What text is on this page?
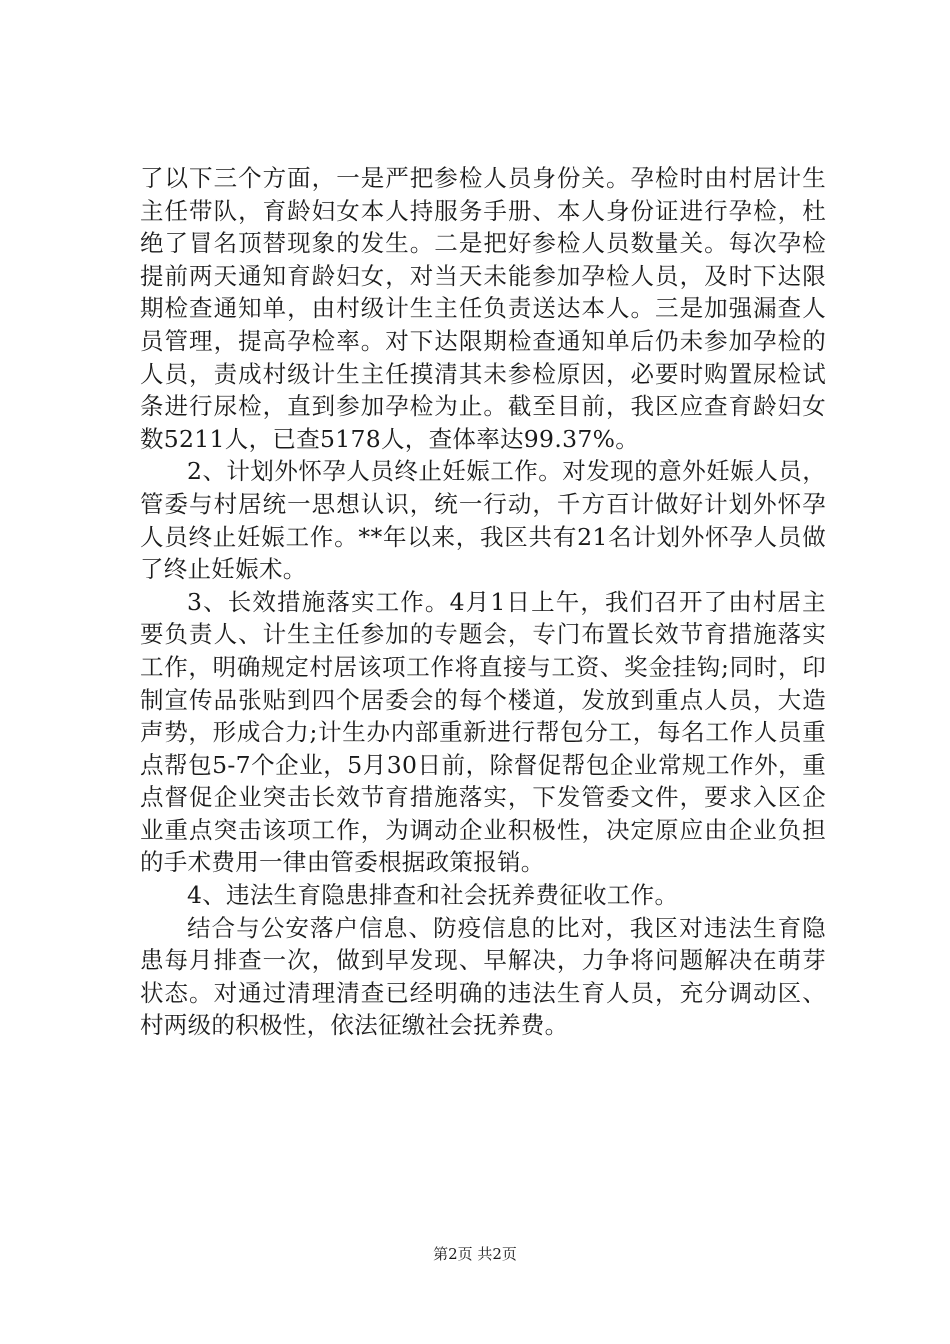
了以下三个方面，一是严把参检人员身份关。孕检时由村居计生主任带队，育龄妇女本人持服务手册、本人身份证进行孕检，杜绝了冒名顶替现象的发生。二是把好参检人员数量关。每次孕检提前两天通知育龄妇女，对当天未能参加孕检人员，及时下达限期检查通知单，由村级计生主任负责送达本人。三是加强漏查人员管理，提高孕检率。对下达限期检查通知单后仍未参加孕检的人员，责成村级计生主任摸清其未参检原因，必要时购置尿检试条进行尿检，直到参加孕检为止。截至目前，我区应查育龄妇女数5211人，已查5178人，查体率达99.37%。

2、计划外怀孕人员终止妊娠工作。对发现的意外妊娠人员，管委与村居统一思想认识，统一行动，千方百计做好计划外怀孕人员终止妊娠工作。**年以来，我区共有21名计划外怀孕人员做了终止妊娠术。

3、长效措施落实工作。4月1日上午，我们召开了由村居主要负责人、计生主任参加的专题会，专门布置长效节育措施落实工作，明确规定村居该项工作将直接与工资、奖金挂钩;同时，印制宣传品张贴到四个居委会的每个楼道，发放到重点人员，大造声势，形成合力;计生办内部重新进行帮包分工，每名工作人员重点帮包5-7个企业，5月30日前，除督促帮包企业常规工作外，重点督促企业突击长效节育措施落实，下发管委文件，要求入区企业重点突击该项工作，为调动企业积极性，决定原应由企业负担的手术费用一律由管委根据政策报销。

4、违法生育隐患排查和社会抚养费征收工作。

结合与公安落户信息、防疫信息的比对，我区对违法生育隐患每月排查一次，做到早发现、早解决，力争将问题解决在萌芽状态。对通过清理清查已经明确的违法生育人员，充分调动区、村两级的积极性，依法征缴社会抚养费。

第2页 共2页
